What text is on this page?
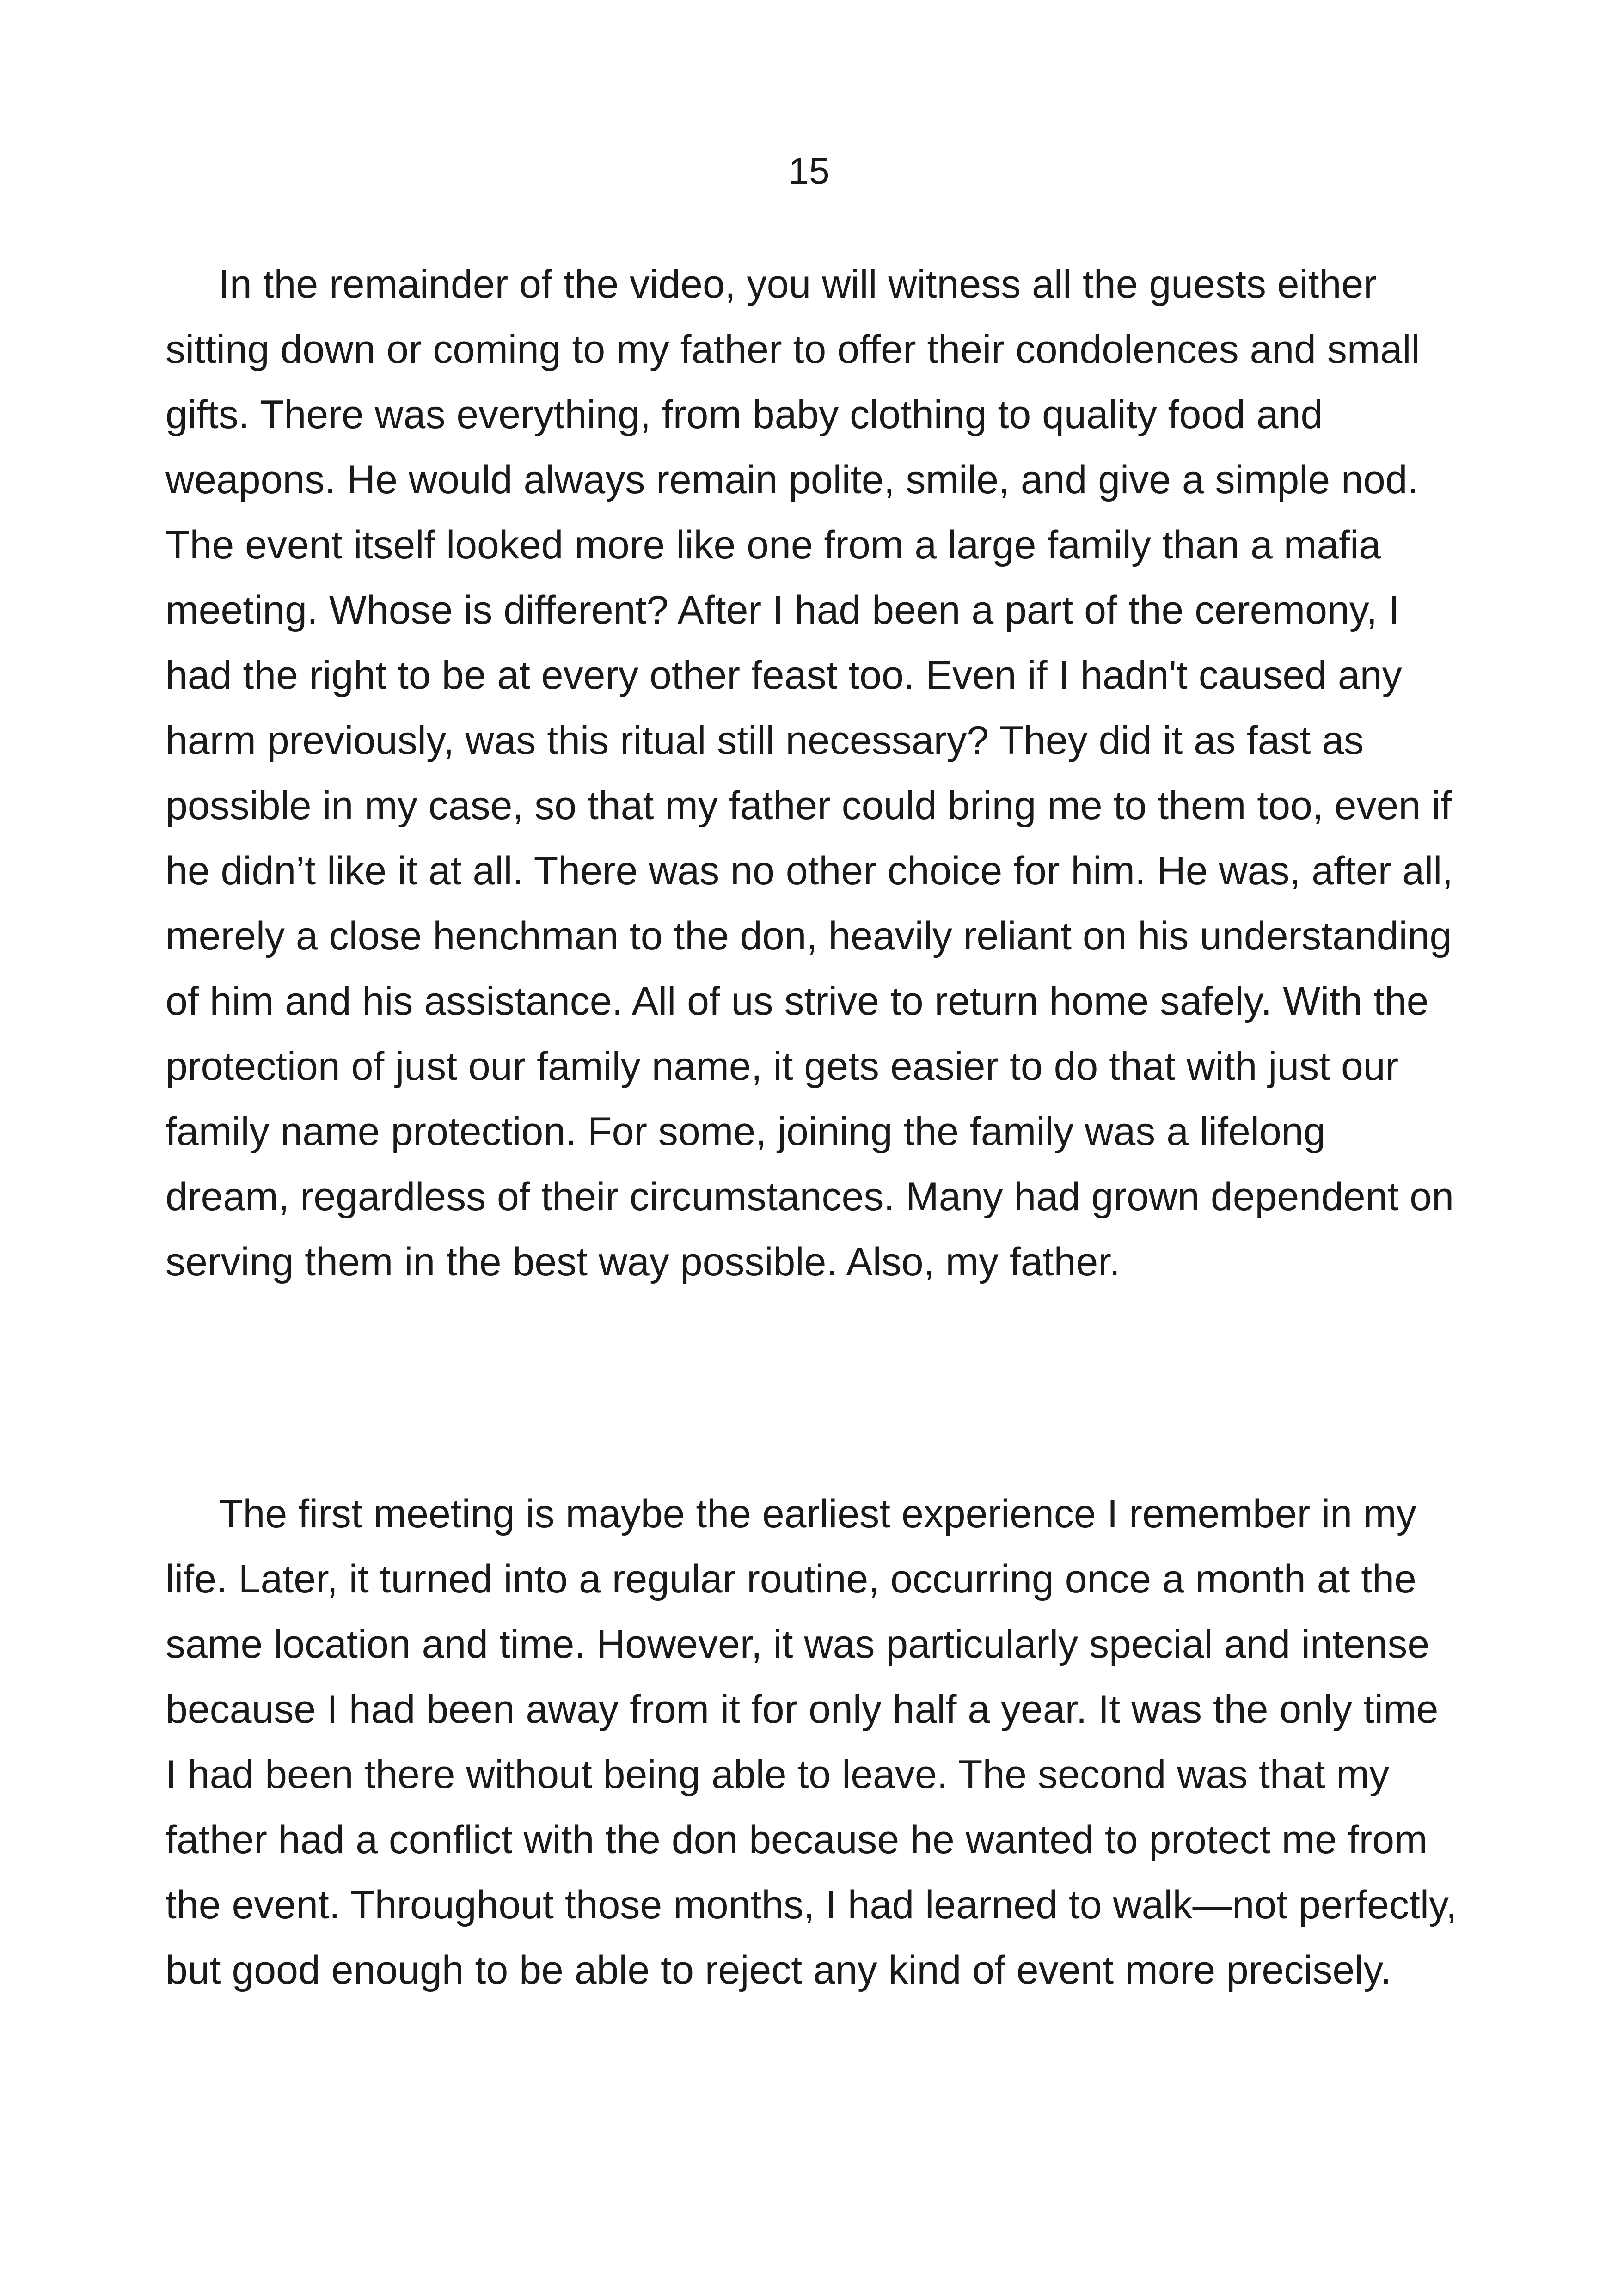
15

In the remainder of the video, you will witness all the guests either sitting down or coming to my father to offer their condolences and small gifts. There was everything, from baby clothing to quality food and weapons. He would always remain polite, smile, and give a simple nod. The event itself looked more like one from a large family than a mafia meeting. Whose is different? After I had been a part of the ceremony, I had the right to be at every other feast too. Even if I hadn't caused any harm previously, was this ritual still necessary? They did it as fast as possible in my case, so that my father could bring me to them too, even if he didn’t like it at all. There was no other choice for him. He was, after all, merely a close henchman to the don, heavily reliant on his understanding of him and his assistance. All of us strive to return home safely. With the protection of just our family name, it gets easier to do that with just our family name protection. For some, joining the family was a lifelong dream, regardless of their circumstances. Many had grown dependent on serving them in the best way possible. Also, my father.

The first meeting is maybe the earliest experience I remember in my life. Later, it turned into a regular routine, occurring once a month at the same location and time. However, it was particularly special and intense because I had been away from it for only half a year. It was the only time I had been there without being able to leave. The second was that my father had a conflict with the don because he wanted to protect me from the event. Throughout those months, I had learned to walk—not perfectly, but good enough to be able to reject any kind of event more precisely.
